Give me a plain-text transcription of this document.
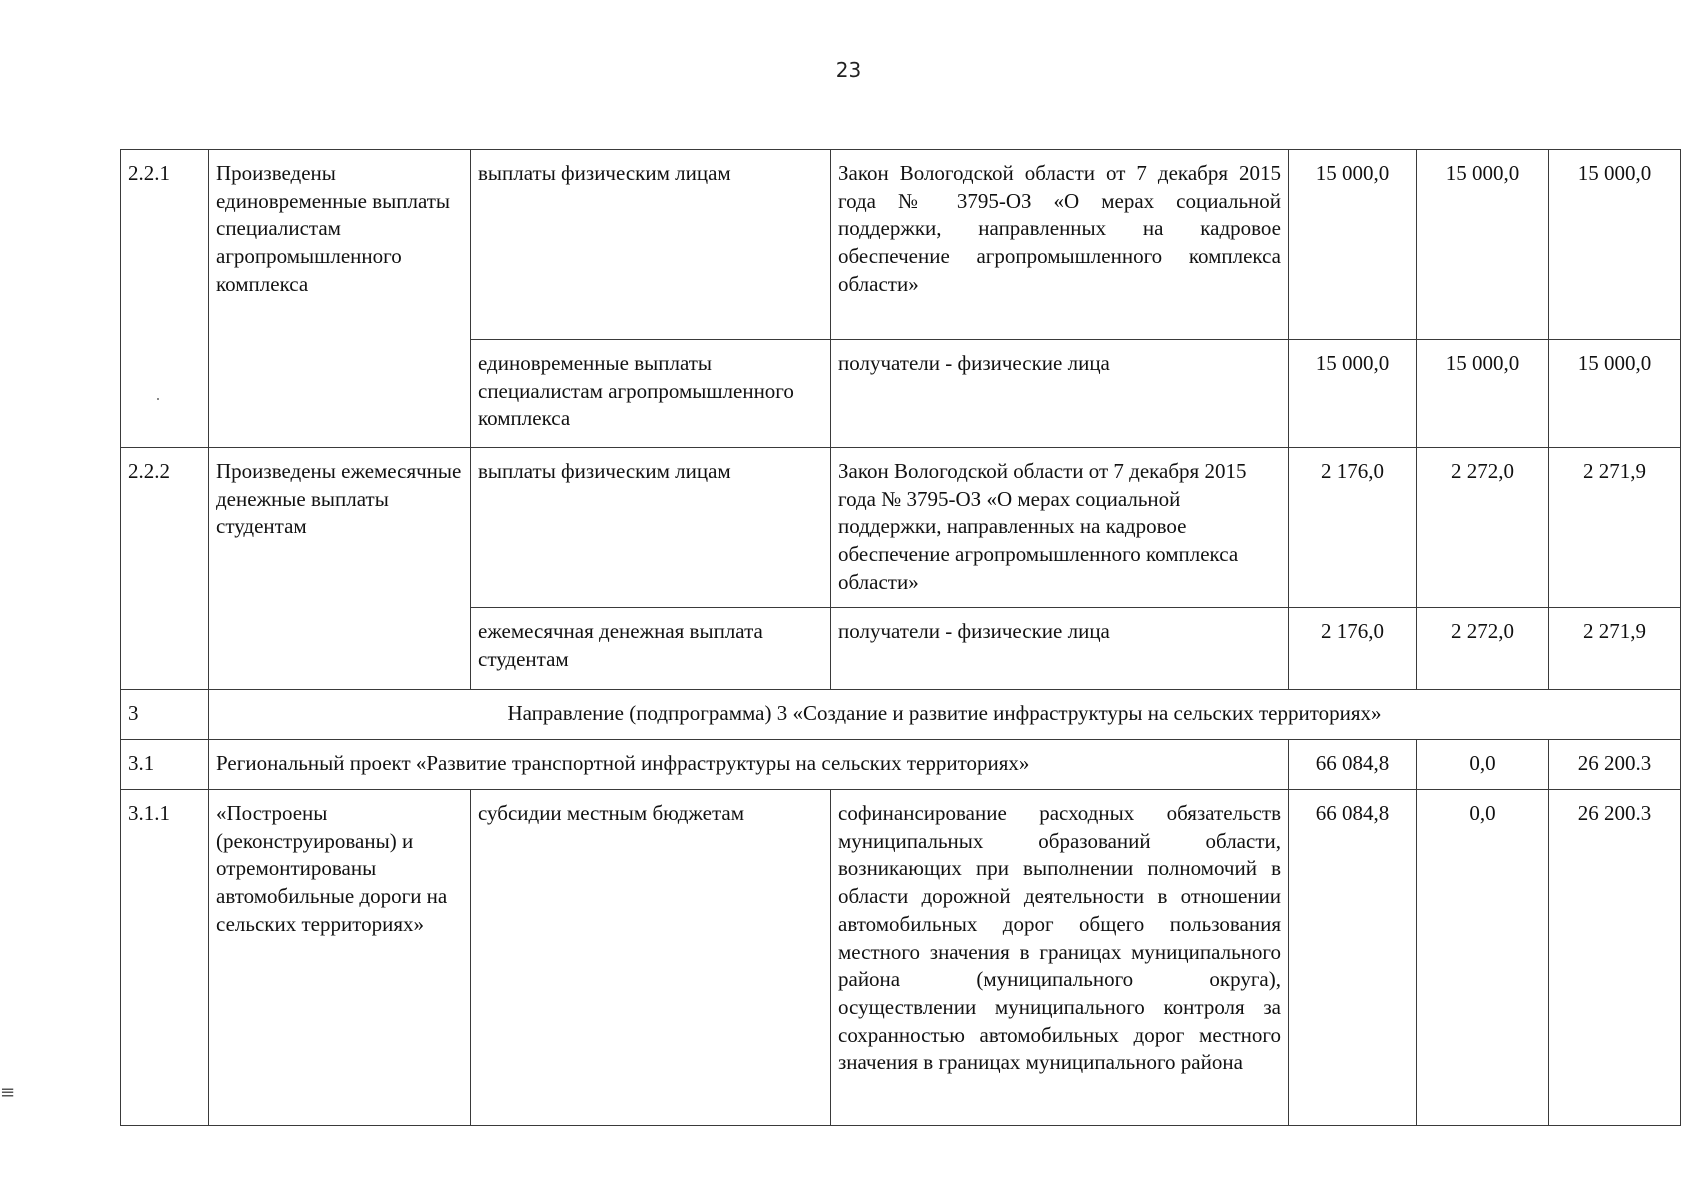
23
2.2.1	Произведены единовременные выплаты специалистам агропромышленного комплекса	выплаты физическим лицам	Закон Вологодской области от 7 декабря 2015 года № 3795-ОЗ «О мерах социальной поддержки, направленных на кадровое обеспечение агропромышленного комплекса области»	15 000,0	15 000,0	15 000,0
		единовременные выплаты специалистам агропромышленного комплекса	получатели - физические лица	15 000,0	15 000,0	15 000,0
2.2.2	Произведены ежемесячные денежные выплаты студентам	выплаты физическим лицам	Закон Вологодской области от 7 декабря 2015 года № 3795-ОЗ «О мерах социальной поддержки, направленных на кадровое обеспечение агропромышленного комплекса области»	2 176,0	2 272,0	2 271,9
		ежемесячная денежная выплата студентам	получатели - физические лица	2 176,0	2 272,0	2 271,9
3	Направление (подпрограмма) 3 «Создание и развитие инфраструктуры на сельских территориях»					
3.1	Региональный проект «Развитие транспортной инфраструктуры на сельских территориях»			66 084,8	0,0	26 200.3
3.1.1	«Построены (реконструированы) и отремонтированы автомобильные дороги на сельских территориях»	субсидии местным бюджетам	софинансирование расходных обязательств муниципальных образований области, возникающих при выполнении полномочий в области дорожной деятельности в отношении автомобильных дорог общего пользования местного значения в границах муниципального района (муниципального округа), осуществлении муниципального контроля за сохранностью автомобильных дорог местного значения в границах муниципального района	66 084,8	0,0	26 200.3
≡
